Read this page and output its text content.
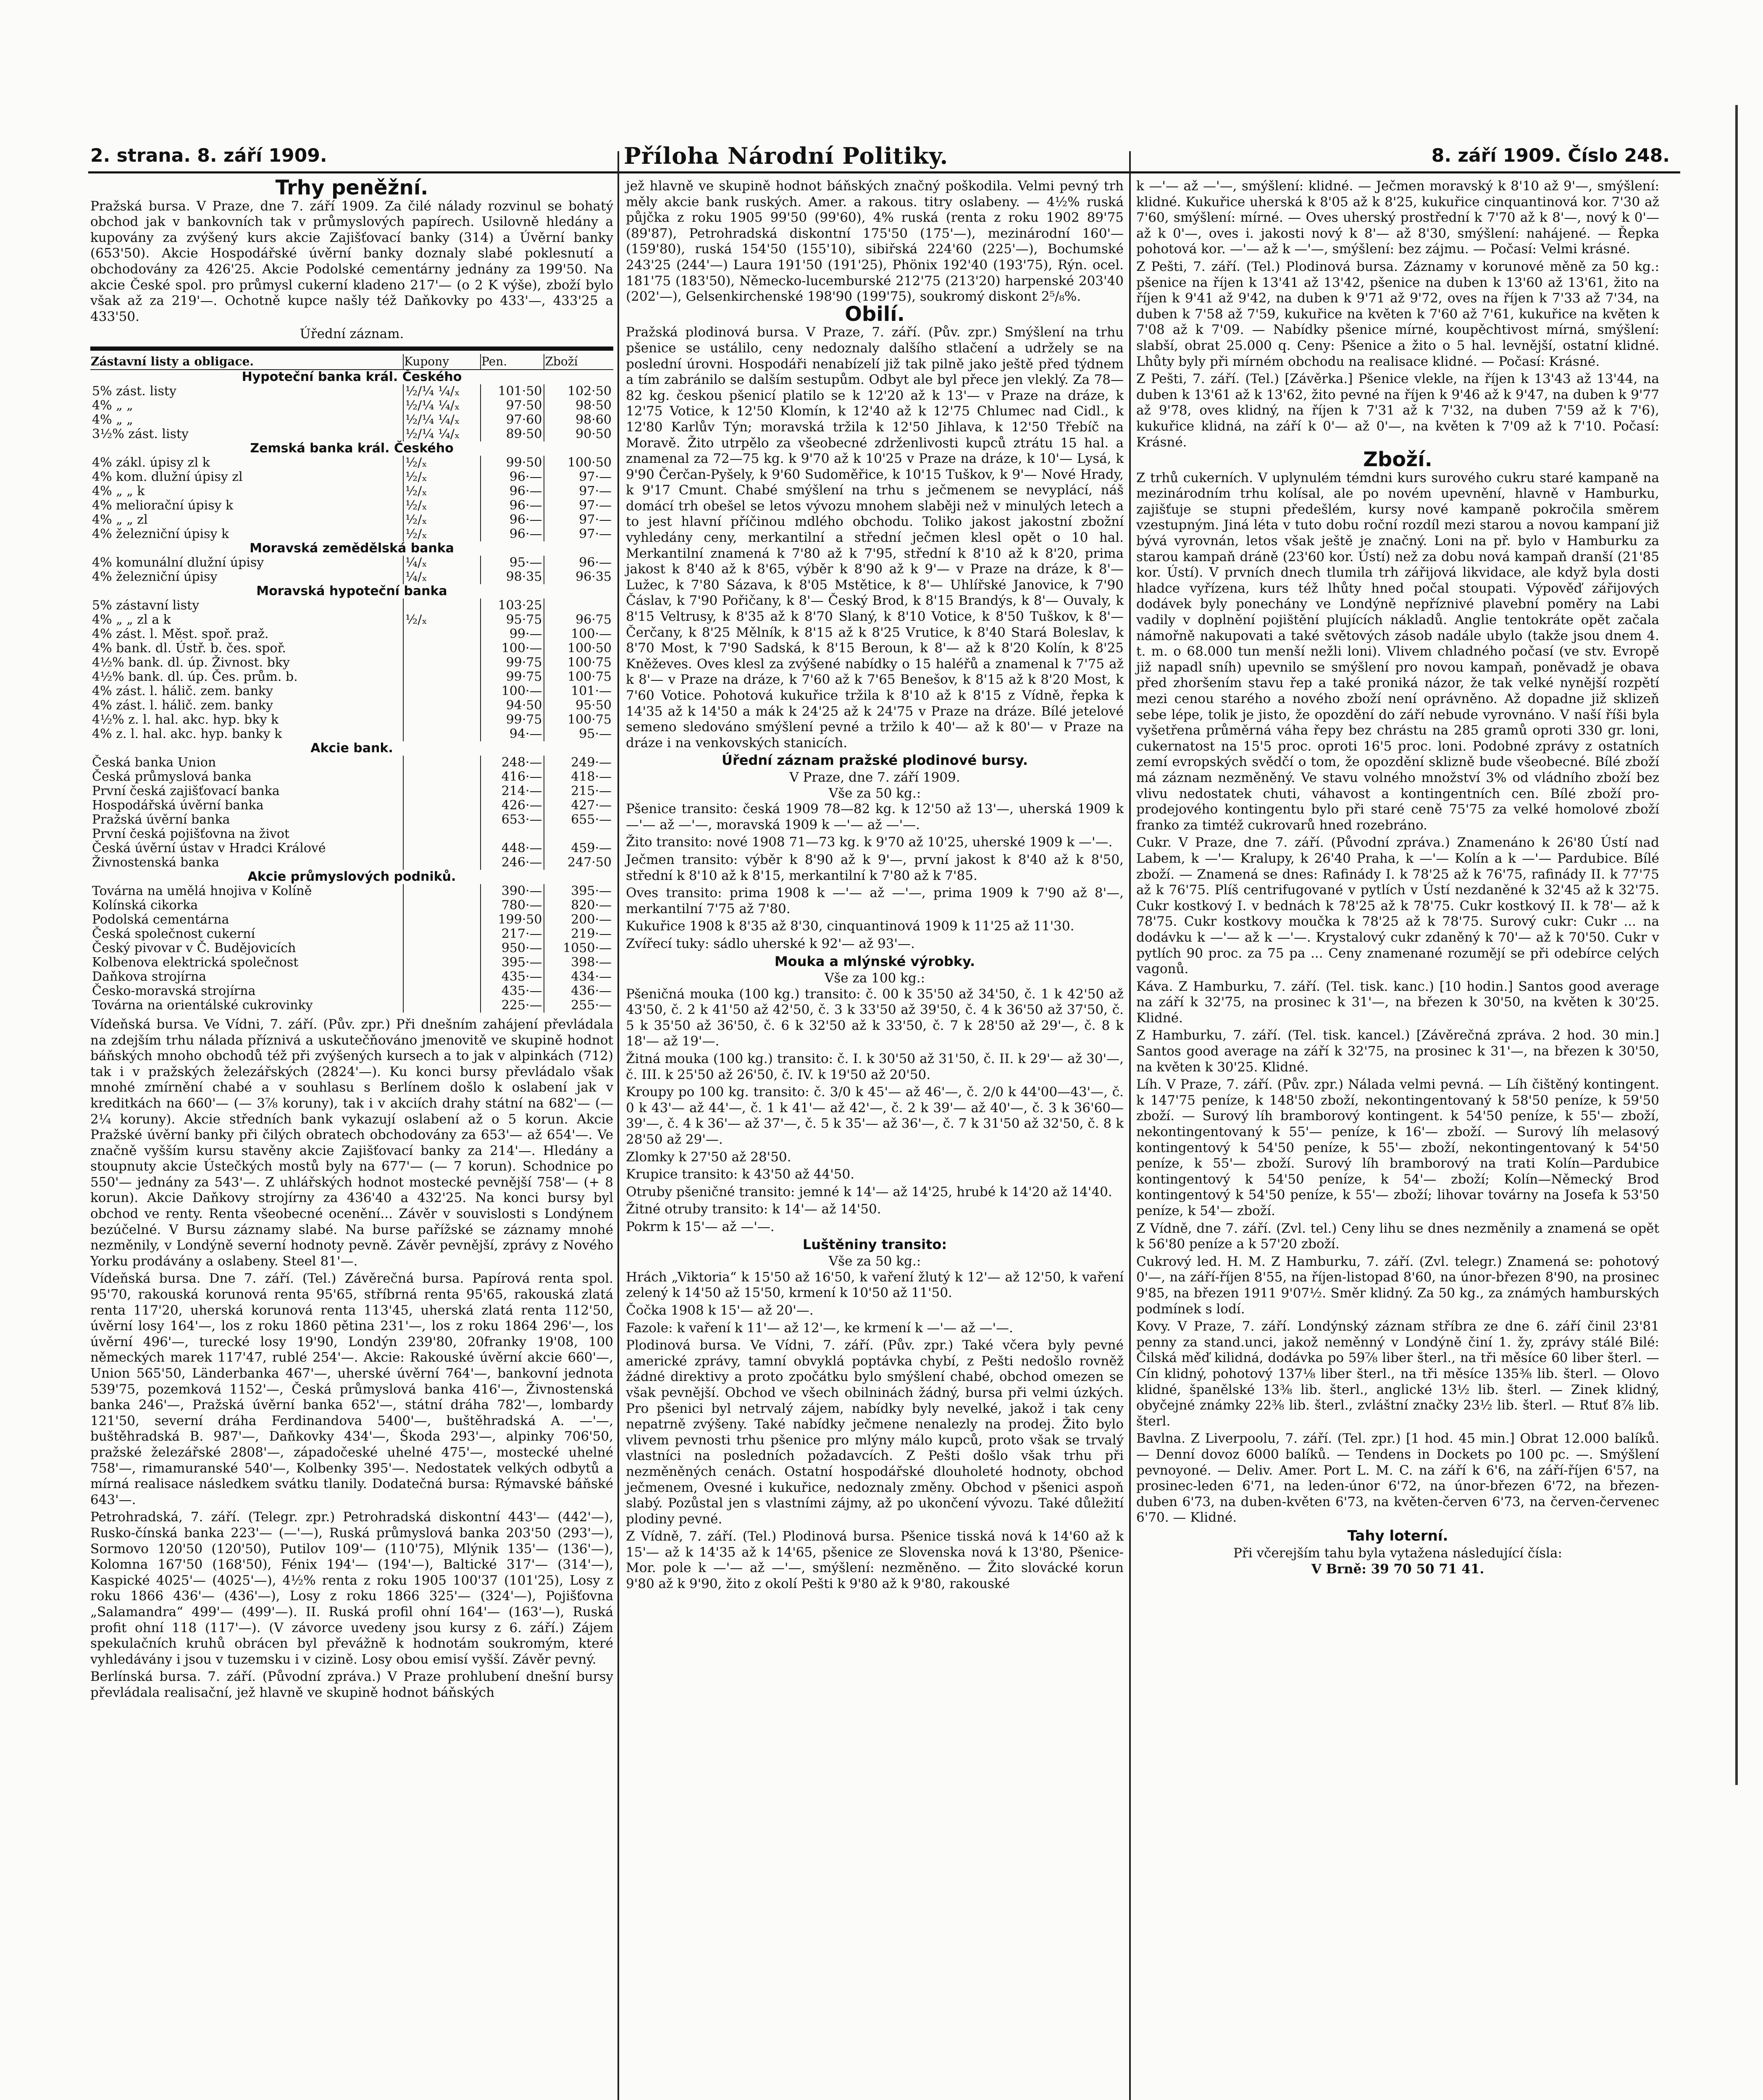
2. strana. 8. září 1909.	Příloha Národní Politiky.	8. září 1909. Číslo 248.
Trhy peněžní.

Pražská bursa. V Praze, dne 7. září 1909. Za čilé nálady rozvinul se bohatý obchod jak v bankovních tak v průmyslových papírech. Usilovně hledány a kupovány za zvýšený kurs akcie Zajišťovací banky (314) a Úvěrní banky (653'50). Akcie Hospodářské úvěrní banky doznaly slabé poklesnutí a obchodovány za 426'25. Akcie Podolské cementárny jednány za 199'50. Na akcie České spol. pro průmysl cukerní kladeno 217'— (o 2 K výše), zboží bylo však až za 219'—. Ochotně kupce našly též Daňkovky po 433'—, 433'25 a 433'50.

Úřední záznam.
Zástavní listy a obligace.	Kupony	Pen.	Zboží
Hypoteční banka král. Českého			
5% zást. listy	½/¼ ¼/ₓ	101·50	102·50
4% „ „	½/¼ ¼/ₓ	97·50	98·50
4% „ „	½/¼ ¼/ₓ	97·60	98·60
3½% zást. listy	½/¼ ¼/ₓ	89·50	90·50
Zemská banka král. Českého			
4% zákl. úpisy zl k	½/ₓ	99·50	100·50
4% kom. dlužní úpisy zl	½/ₓ	96·—	97·—
4% „ „ k	½/ₓ	96·—	97·—
4% meliorační úpisy k	½/ₓ	96·—	97·—
4% „ „ zl	½/ₓ	96·—	97·—
4% železniční úpisy k	½/ₓ	96·—	97·—
Moravská zemědělská banka			
4% komunální dlužní úpisy	¼/ₓ	95·—	96·—
4% železniční úpisy	¼/ₓ	98·35	96·35
Moravská hypoteční banka			
5% zástavní listy		103·25	
4% „ „ zl a k	½/ₓ	95·75	96·75
4% zást. l. Měst. spoř. praž.		99·—	100·—
4% bank. dl. Ústř. b. čes. spoř.		100·—	100·50
4½% bank. dl. úp. Živnost. bky		99·75	100·75
4½% bank. dl. úp. Čes. prům. b.		99·75	100·75
4% zást. l. hálič. zem. banky		100·—	101·—
4% zást. l. hálič. zem. banky		94·50	95·50
4½% z. l. hal. akc. hyp. bky k		99·75	100·75
4% z. l. hal. akc. hyp. banky k		94·—	95·—
Akcie bank.			
Česká banka Union		248·—	249·—
Česká průmyslová banka		416·—	418·—
První česká zajišťovací banka		214·—	215·—
Hospodářská úvěrní banka		426·—	427·—
Pražská úvěrní banka		653·—	655·—
První česká pojišťovna na život			
Česká úvěrní ústav v Hradci Králové		448·—	459·—
Živnostenská banka		246·—	247·50
Akcie průmyslových podniků.			
Továrna na umělá hnojiva v Kolíně		390·—	395·—
Kolínská cikorka		780·—	820·—
Podolská cementárna		199·50	200·—
Česká společnost cukerní		217·—	219·—
Český pivovar v Č. Budějovicích		950·—	1050·—
Kolbenova elektrická společnost		395·—	398·—
Daňkova strojírna		435·—	434·—
Česko-moravská strojírna		435·—	436·—
Továrna na orientálské cukrovinky		225·—	255·—

Vídeňská bursa. Ve Vídni, 7. září. (Pův. zpr.) Při dnešním zahájení převládala na zdejším trhu nálada příznivá a uskutečňováno jmenovitě ve skupině hodnot báňských mnoho obchodů též při zvýšených kursech a to jak v alpinkách (712) tak i v pražských železářských (2824'—). Ku konci bursy převládalo však mnohé zmírnění chabé a v souhlasu s Berlínem došlo k oslabení jak v kreditkách na 660'— (— 3⅞ koruny), tak i v akciích drahy státní na 682'— (— 2¼ koruny). Akcie středních bank vykazují oslabení až o 5 korun. Akcie Pražské úvěrní banky při čilých obratech obchodovány za 653'— až 654'—. Ve značně vyšším kursu stavěny akcie Zajišťovací banky za 214'—. Hledány a stoupnuty akcie Ústečkých mostů byly na 677'— (— 7 korun). Schodnice po 550'— jednány za 543'—. Z uhlářských hodnot mostecké pevnější 758'— (+ 8 korun). Akcie Daňkovy strojírny za 436'40 a 432'25. Na konci bursy byl obchod ve renty. Renta všeobecné ocenění... Závěr v souvislosti s Londýnem bezúčelné. V Bursu záznamy slabé. Na burse pařížské se záznamy mnohé nezměnily, v Londýně severní hodnoty pevně. Závěr pevnější, zprávy z Nového Yorku prodávány a oslabeny. Steel 81'—.

Vídeňská bursa. Dne 7. září. (Tel.) Závěrečná bursa. Papírová renta spol. 95'70, rakouská korunová renta 95'65, stříbrná renta 95'65, rakouská zlatá renta 117'20, uherská korunová renta 113'45, uherská zlatá renta 112'50, úvěrní losy 164'—, los z roku 1860 pětina 231'—, los z roku 1864 296'—, los úvěrní 496'—, turecké losy 19'90, Londýn 239'80, 20franky 19'08, 100 německých marek 117'47, rublé 254'—. Akcie: Rakouské úvěrní akcie 660'—, Union 565'50, Länderbanka 467'—, uherské úvěrní 764'—, bankovní jednota 539'75, pozemková 1152'—, Česká průmyslová banka 416'—, Živnostenská banka 246'—, Pražská úvěrní banka 652'—, státní dráha 782'—, lombardy 121'50, severní dráha Ferdinandova 5400'—, buštěhradská A. —'—, buštěhradská B. 987'—, Daňkovky 434'—, Škoda 293'—, alpinky 706'50, pražské železářské 2808'—, západočeské uhelné 475'—, mostecké uhelné 758'—, rimamuranské 540'—, Kolbenky 395'—. Nedostatek velkých odbytů a mírná realisace následkem svátku tlanily. Dodatečná bursa: Rýmavské báňské 643'—.

Petrohradská, 7. září. (Telegr. zpr.) Petrohradská diskontní 443'— (442'—), Rusko-čínská banka 223'— (—'—), Ruská průmyslová banka 203'50 (293'—), Sormovo 120'50 (120'50), Putilov 109'— (110'75), Mlýnik 135'— (136'—), Kolomna 167'50 (168'50), Fénix 194'— (194'—), Baltické 317'— (314'—), Kaspické 4025'— (4025'—), 4½% renta z roku 1905 100'37 (101'25), Losy z roku 1866 436'— (436'—), Losy z roku 1866 325'— (324'—), Pojišťovna „Salamandra“ 499'— (499'—). II. Ruská profil ohní 164'— (163'—), Ruská profit ohní 118 (117'—). (V závorce uvedeny jsou kursy z 6. září.) Zájem spekulačních kruhů obrácen byl převážně k hodnotám soukromým, které vyhledávány i jsou v tuzemsku i v cizině. Losy obou emisí vyšší. Závěr pevný.

Berlínská bursa. 7. září. (Původní zpráva.) V Praze prohlubení dnešní bursy převládala realisační, jež hlavně ve skupině hodnot báňských

jež hlavně ve skupině hodnot báňských značný poškodila. Velmi pevný trh měly akcie bank ruských. Amer. a rakous. titry oslabeny. — 4½% ruská půjčka z roku 1905 99'50 (99'60), 4% ruská (renta z roku 1902 89'75 (89'87), Petrohradská diskontní 175'50 (175'—), mezinárodní 160'— (159'80), ruská 154'50 (155'10), sibiřská 224'60 (225'—), Bochumské 243'25 (244'—) Laura 191'50 (191'25), Phönix 192'40 (193'75), Rýn. ocel. 181'75 (183'50), Německo-lucemburské 212'75 (213'20) harpenské 203'40 (202'—), Gelsenkirchenské 198'90 (199'75), soukromý diskont 2⁵/₈%.

Obilí.

Pražská plodinová bursa. V Praze, 7. září. (Pův. zpr.) Smýšlení na trhu pšenice se ustálilo, ceny nedoznaly dalšího stlačení a udržely se na poslední úrovni. Hospodáři nenabízelí již tak pilně jako ještě před týdnem a tím zabránilo se dalším sestupům. Odbyt ale byl přece jen vleklý. Za 78—82 kg. českou pšenicí platilo se k 12'20 až k 13'— v Praze na dráze, k 12'75 Votice, k 12'50 Klomín, k 12'40 až k 12'75 Chlumec nad Cidl., k 12'80 Karlův Týn; moravská tržila k 12'50 Jihlava, k 12'50 Třebíč na Moravě. Žito utrpělo za všeobecné zdrženlivosti kupců ztrátu 15 hal. a znamenal za 72—75 kg. k 9'70 až k 10'25 v Praze na dráze, k 10'— Lysá, k 9'90 Čerčan-Pyšely, k 9'60 Sudoměřice, k 10'15 Tuškov, k 9'— Nové Hrady, k 9'17 Cmunt. Chabé smýšlení na trhu s ječmenem se nevyplácí, náš domácí trh obešel se letos vývozu mnohem slaběji než v minulých letech a to jest hlavní příčinou mdlého obchodu. Toliko jakost jakostní zbožní vyhledány ceny, merkantilní a střední ječmen klesl opět o 10 hal. Merkantilní znamená k 7'80 až k 7'95, střední k 8'10 až k 8'20, prima jakost k 8'40 až k 8'65, výběr k 8'90 až k 9'— v Praze na dráze, k 8'— Lužec, k 7'80 Sázava, k 8'05 Mstětice, k 8'— Uhlířské Janovice, k 7'90 Čáslav, k 7'90 Pořičany, k 8'— Český Brod, k 8'15 Brandýs, k 8'— Ouvaly, k 8'15 Veltrusy, k 8'35 až k 8'70 Slaný, k 8'10 Votice, k 8'50 Tuškov, k 8'— Čerčany, k 8'25 Mělník, k 8'15 až k 8'25 Vrutice, k 8'40 Stará Boleslav, k 8'70 Most, k 7'90 Sadská, k 8'15 Beroun, k 8'— až k 8'20 Kolín, k 8'25 Kněževes. Oves klesl za zvýšené nabídky o 15 haléřů a znamenal k 7'75 až k 8'— v Praze na dráze, k 7'60 až k 7'65 Benešov, k 8'15 až k 8'20 Most, k 7'60 Votice. Pohotová kukuřice tržila k 8'10 až k 8'15 z Vídně, řepka k 14'35 až k 14'50 a mák k 24'25 až k 24'75 v Praze na dráze. Bílé jetelové semeno sledováno smýšlení pevné a tržilo k 40'— až k 80'— v Praze na dráze i na venkovských stanicích.

Úřední záznam pražské plodinové bursy.
V Praze, dne 7. září 1909.
Vše za 50 kg.:

Pšenice transito: česká 1909 78—82 kg. k 12'50 až 13'—, uherská 1909 k —'— až —'—, moravská 1909 k —'— až —'—.

Žito transito: nové 1908 71—73 kg. k 9'70 až 10'25, uherské 1909 k —'—.

Ječmen transito: výběr k 8'90 až k 9'—, první jakost k 8'40 až k 8'50, střední k 8'10 až k 8'15, merkantilní k 7'80 až k 7'85.

Oves transito: prima 1908 k —'— až —'—, prima 1909 k 7'90 až 8'—, merkantilní 7'75 až 7'80.

Kukuřice 1908 k 8'35 až 8'30, cinquantinová 1909 k 11'25 až 11'30.

Zvířecí tuky: sádlo uherské k 92'— až 93'—.

Mouka a mlýnské výrobky.
Vše za 100 kg.:

Pšeničná mouka (100 kg.) transito: č. 00 k 35'50 až 34'50, č. 1 k 42'50 až 43'50, č. 2 k 41'50 až 42'50, č. 3 k 33'50 až 39'50, č. 4 k 36'50 až 37'50, č. 5 k 35'50 až 36'50, č. 6 k 32'50 až k 33'50, č. 7 k 28'50 až 29'—, č. 8 k 18'— až 19'—.

Žitná mouka (100 kg.) transito: č. I. k 30'50 až 31'50, č. II. k 29'— až 30'—, č. III. k 25'50 až 26'50, č. IV. k 19'50 až 20'50.

Kroupy po 100 kg. transito: č. 3/0 k 45'— až 46'—, č. 2/0 k 44'00—43'—, č. 0 k 43'— až 44'—, č. 1 k 41'— až 42'—, č. 2 k 39'— až 40'—, č. 3 k 36'60—39'—, č. 4 k 36'— až 37'—, č. 5 k 35'— až 36'—, č. 7 k 31'50 až 32'50, č. 8 k 28'50 až 29'—.

Zlomky k 27'50 až 28'50.

Krupice transito: k 43'50 až 44'50.

Otruby pšeničné transito: jemné k 14'— až 14'25, hrubé k 14'20 až 14'40.

Žitné otruby transito: k 14'— až 14'50.

Pokrm k 15'— až —'—.

Luštěniny transito:
Vše za 50 kg.:

Hrách „Viktoria“ k 15'50 až 16'50, k vaření žlutý k 12'— až 12'50, k vaření zelený k 14'50 až 15'50, krmení k 10'50 až 11'50.

Čočka 1908 k 15'— až 20'—.

Fazole: k vaření k 11'— až 12'—, ke krmení k —'— až —'—.

Plodinová bursa. Ve Vídni, 7. září. (Pův. zpr.) Také včera byly pevné americké zprávy, tamní obvyklá poptávka chybí, z Pešti nedošlo rovněž žádné direktivy a proto zpočátku bylo smýšlení chabé, obchod omezen se však pevnější. Obchod ve všech obilninách žádný, bursa při velmi úzkých. Pro pšenici byl netrvalý zájem, nabídky byly nevelké, jakož i tak ceny nepatrně zvýšeny. Také nabídky ječmene nenalezly na prodej. Žito bylo vlivem pevnosti trhu pšenice pro mlýny málo kupců, proto však se trvalý vlastníci na posledních požadavcích. Z Pešti došlo však trhu při nezměněných cenách. Ostatní hospodářské dlouholeté hodnoty, obchod ječmenem, Ovesné i kukuřice, nedoznaly změny. Obchod v pšenici aspoň slabý. Pozůstal jen s vlastními zájmy, až po ukončení vývozu. Také důležití plodiny pevné.

Z Vídně, 7. září. (Tel.) Plodinová bursa. Pšenice tisská nová k 14'60 až k 15'— až k 14'35 až k 14'65, pšenice ze Slovenska nová k 13'80, Pšenice-Mor. pole k —'— až —'—, smýšlení: nezměněno. — Žito slovácké korun 9'80 až k 9'90, žito z okolí Pešti k 9'80 až k 9'80, rakouské

k —'— až —'—, smýšlení: klidné. — Ječmen moravský k 8'10 až 9'—, smýšlení: klidné. Kukuřice uherská k 8'05 až k 8'25, kukuřice cinquantinová kor. 7'30 až 7'60, smýšlení: mírné. — Oves uherský prostřední k 7'70 až k 8'—, nový k 0'— až k 0'—, oves i. jakosti nový k 8'— až 8'30, smýšlení: nahájené. — Řepka pohotová kor. —'— až k —'—, smýšlení: bez zájmu. — Počasí: Velmi krásné.

Z Pešti, 7. září. (Tel.) Plodinová bursa. Záznamy v korunové měně za 50 kg.: pšenice na říjen k 13'41 až 13'42, pšenice na duben k 13'60 až 13'61, žito na říjen k 9'41 až 9'42, na duben k 9'71 až 9'72, oves na říjen k 7'33 až 7'34, na duben k 7'58 až 7'59, kukuřice na květen k 7'60 až 7'61, kukuřice na květen k 7'08 až k 7'09. — Nabídky pšenice mírné, koupěchtivost mírná, smýšlení: slabší, obrat 25.000 q. Ceny: Pšenice a žito o 5 hal. levnější, ostatní klidné. Lhůty byly při mírném obchodu na realisace klidné. — Počasí: Krásné.

Z Pešti, 7. září. (Tel.) [Závěrka.] Pšenice vlekle, na říjen k 13'43 až 13'44, na duben k 13'61 až k 13'62, žito pevné na říjen k 9'46 až k 9'47, na duben k 9'77 až 9'78, oves klidný, na říjen k 7'31 až k 7'32, na duben 7'59 až k 7'6), kukuřice klidná, na září k 0'— až 0'—, na květen k 7'09 až k 7'10. Počasí: Krásné.

Zboží.

Z trhů cukerních. V uplynulém témdni kurs surového cukru staré kampaně na mezinárodním trhu kolísal, ale po novém upevnění, hlavně v Hamburku, zajišťuje se stupni předešlém, kursy nové kampaně pokročila směrem vzestupným. Jiná léta v tuto dobu roční rozdíl mezi starou a novou kampaní již bývá vyrovnán, letos však ještě je značný. Loni na př. bylo v Hamburku za starou kampaň dráně (23'60 kor. Ústí) než za dobu nová kampaň dranší (21'85 kor. Ústí). V prvních dnech tlumila trh zářijová likvidace, ale když byla dosti hladce vyřízena, kurs též lhůty hned počal stoupati. Výpověď zářijových dodávek byly ponechány ve Londýně nepříznivé plavební poměry na Labi vadily v doplnění pojištění plujících nákladů. Anglie tentokráte opět začala námořně nakupovati a také světových zásob nadále ubylo (takže jsou dnem 4. t. m. o 68.000 tun menší nežli loni). Vlivem chladného počasí (ve stv. Evropě již napadl sníh) upevnilo se smýšlení pro novou kampaň, poněvadž je obava před zhoršením stavu řep a také proniká názor, že tak velké nynější rozpětí mezi cenou starého a nového zboží není oprávněno. Až dopadne již sklizeň sebe lépe, tolik je jisto, že opozdění do září nebude vyrovnáno. V naší říši byla vyšetřena průměrná váha řepy bez chrástu na 285 gramů oproti 330 gr. loni, cukernatost na 15'5 proc. oproti 16'5 proc. loni. Podobné zprávy z ostatních zemí evropských svědčí o tom, že opozdění sklizně bude všeobecné. Bílé zboží má záznam nezměněný. Ve stavu volného množství 3% od vládního zboží bez vlivu nedostatek chuti, váhavost a kontingentních cen. Bílé zboží pro-prodejového kontingentu bylo při staré ceně 75'75 za velké homolové zboží franko za timtéž cukrovarů hned rozebráno.

Cukr. V Praze, dne 7. září. (Původní zpráva.) Znamenáno k 26'80 Ústí nad Labem, k —'— Kralupy, k 26'40 Praha, k —'— Kolín a k —'— Pardubice. Bílé zboží. — Znamená se dnes: Rafinády I. k 78'25 až k 76'75, rafinády II. k 77'75 až k 76'75. Plíš centrifugované v pytlích v Ústí nezdaněné k 32'45 až k 32'75. Cukr kostkový I. v bednách k 78'25 až k 78'75. Cukr kostkový II. k 78'— až k 78'75. Cukr kostkovy moučka k 78'25 až k 78'75. Surový cukr: Cukr ... na dodávku k —'— až k —'—. Krystalový cukr zdaněný k 70'— až k 70'50. Cukr v pytlích 90 proc. za 75 pa ... Ceny znamenané rozumějí se při odebírce celých vagonů.

Káva. Z Hamburku, 7. září. (Tel. tisk. kanc.) [10 hodin.] Santos good average na září k 32'75, na prosinec k 31'—, na březen k 30'50, na květen k 30'25. Klidné.

Z Hamburku, 7. září. (Tel. tisk. kancel.) [Závěrečná zpráva. 2 hod. 30 min.] Santos good average na září k 32'75, na prosinec k 31'—, na březen k 30'50, na květen k 30'25. Klidné.

Líh. V Praze, 7. září. (Pův. zpr.) Nálada velmi pevná. — Líh čištěný kontingent. k 147'75 peníze, k 148'50 zboží, nekontingentovaný k 58'50 peníze, k 59'50 zboží. — Surový líh bramborový kontingent. k 54'50 peníze, k 55'— zboží, nekontingentovaný k 55'— peníze, k 16'— zboží. — Surový líh melasový kontingentový k 54'50 peníze, k 55'— zboží, nekontingentovaný k 54'50 peníze, k 55'— zboží. Surový líh bramborový na trati Kolín—Pardubice kontingentový k 54'50 peníze, k 54'— zboží; Kolín—Německý Brod kontingentový k 54'50 peníze, k 55'— zboží; lihovar továrny na Josefa k 53'50 peníze, k 54'— zboží.

Z Vídně, dne 7. září. (Zvl. tel.) Ceny lihu se dnes nezměnily a znamená se opět k 56'80 peníze a k 57'20 zboží.

Cukrový led. H. M. Z Hamburku, 7. září. (Zvl. telegr.) Znamená se: pohotový 0'—, na září-říjen 8'55, na říjen-listopad 8'60, na únor-březen 8'90, na prosinec 9'85, na březen 1911 9'07½. Směr klidný. Za 50 kg., za známých hamburských podmínek s lodí.

Kovy. V Praze, 7. září. Londýnský záznam stříbra ze dne 6. září činil 23'81 penny za stand.unci, jakož neměnný v Londýně činí 1. žy, zprávy stálé Bilé: Čilská měď kilidná, dodávka po 59⅞ liber šterl., na tři měsíce 60 liber šterl. — Cín klidný, pohotový 137⅛ liber šterl., na tři měsíce 135⅜ lib. šterl. — Olovo klidné, španělské 13⅜ lib. šterl., anglické 13½ lib. šterl. — Zinek klidný, obyčejné známky 22⅜ lib. šterl., zvláštní značky 23½ lib. šterl. — Rtuť 8⅞ lib. šterl.

Bavlna. Z Liverpoolu, 7. září. (Tel. zpr.) [1 hod. 45 min.] Obrat 12.000 balíků. — Denní dovoz 6000 balíků. — Tendens in Dockets po 100 pc. —. Smýšlení pevnoyoné. — Deliv. Amer. Port L. M. C. na září k 6'6, na září-říjen 6'57, na prosinec-leden 6'71, na leden-únor 6'72, na únor-březen 6'72, na březen-duben 6'73, na duben-květen 6'73, na květen-červen 6'73, na červen-červenec 6'70. — Klidné.

Tahy loterní.
Při včerejším tahu byla vytažena následující čísla:
V Brně: 39 70 50 71 41.
